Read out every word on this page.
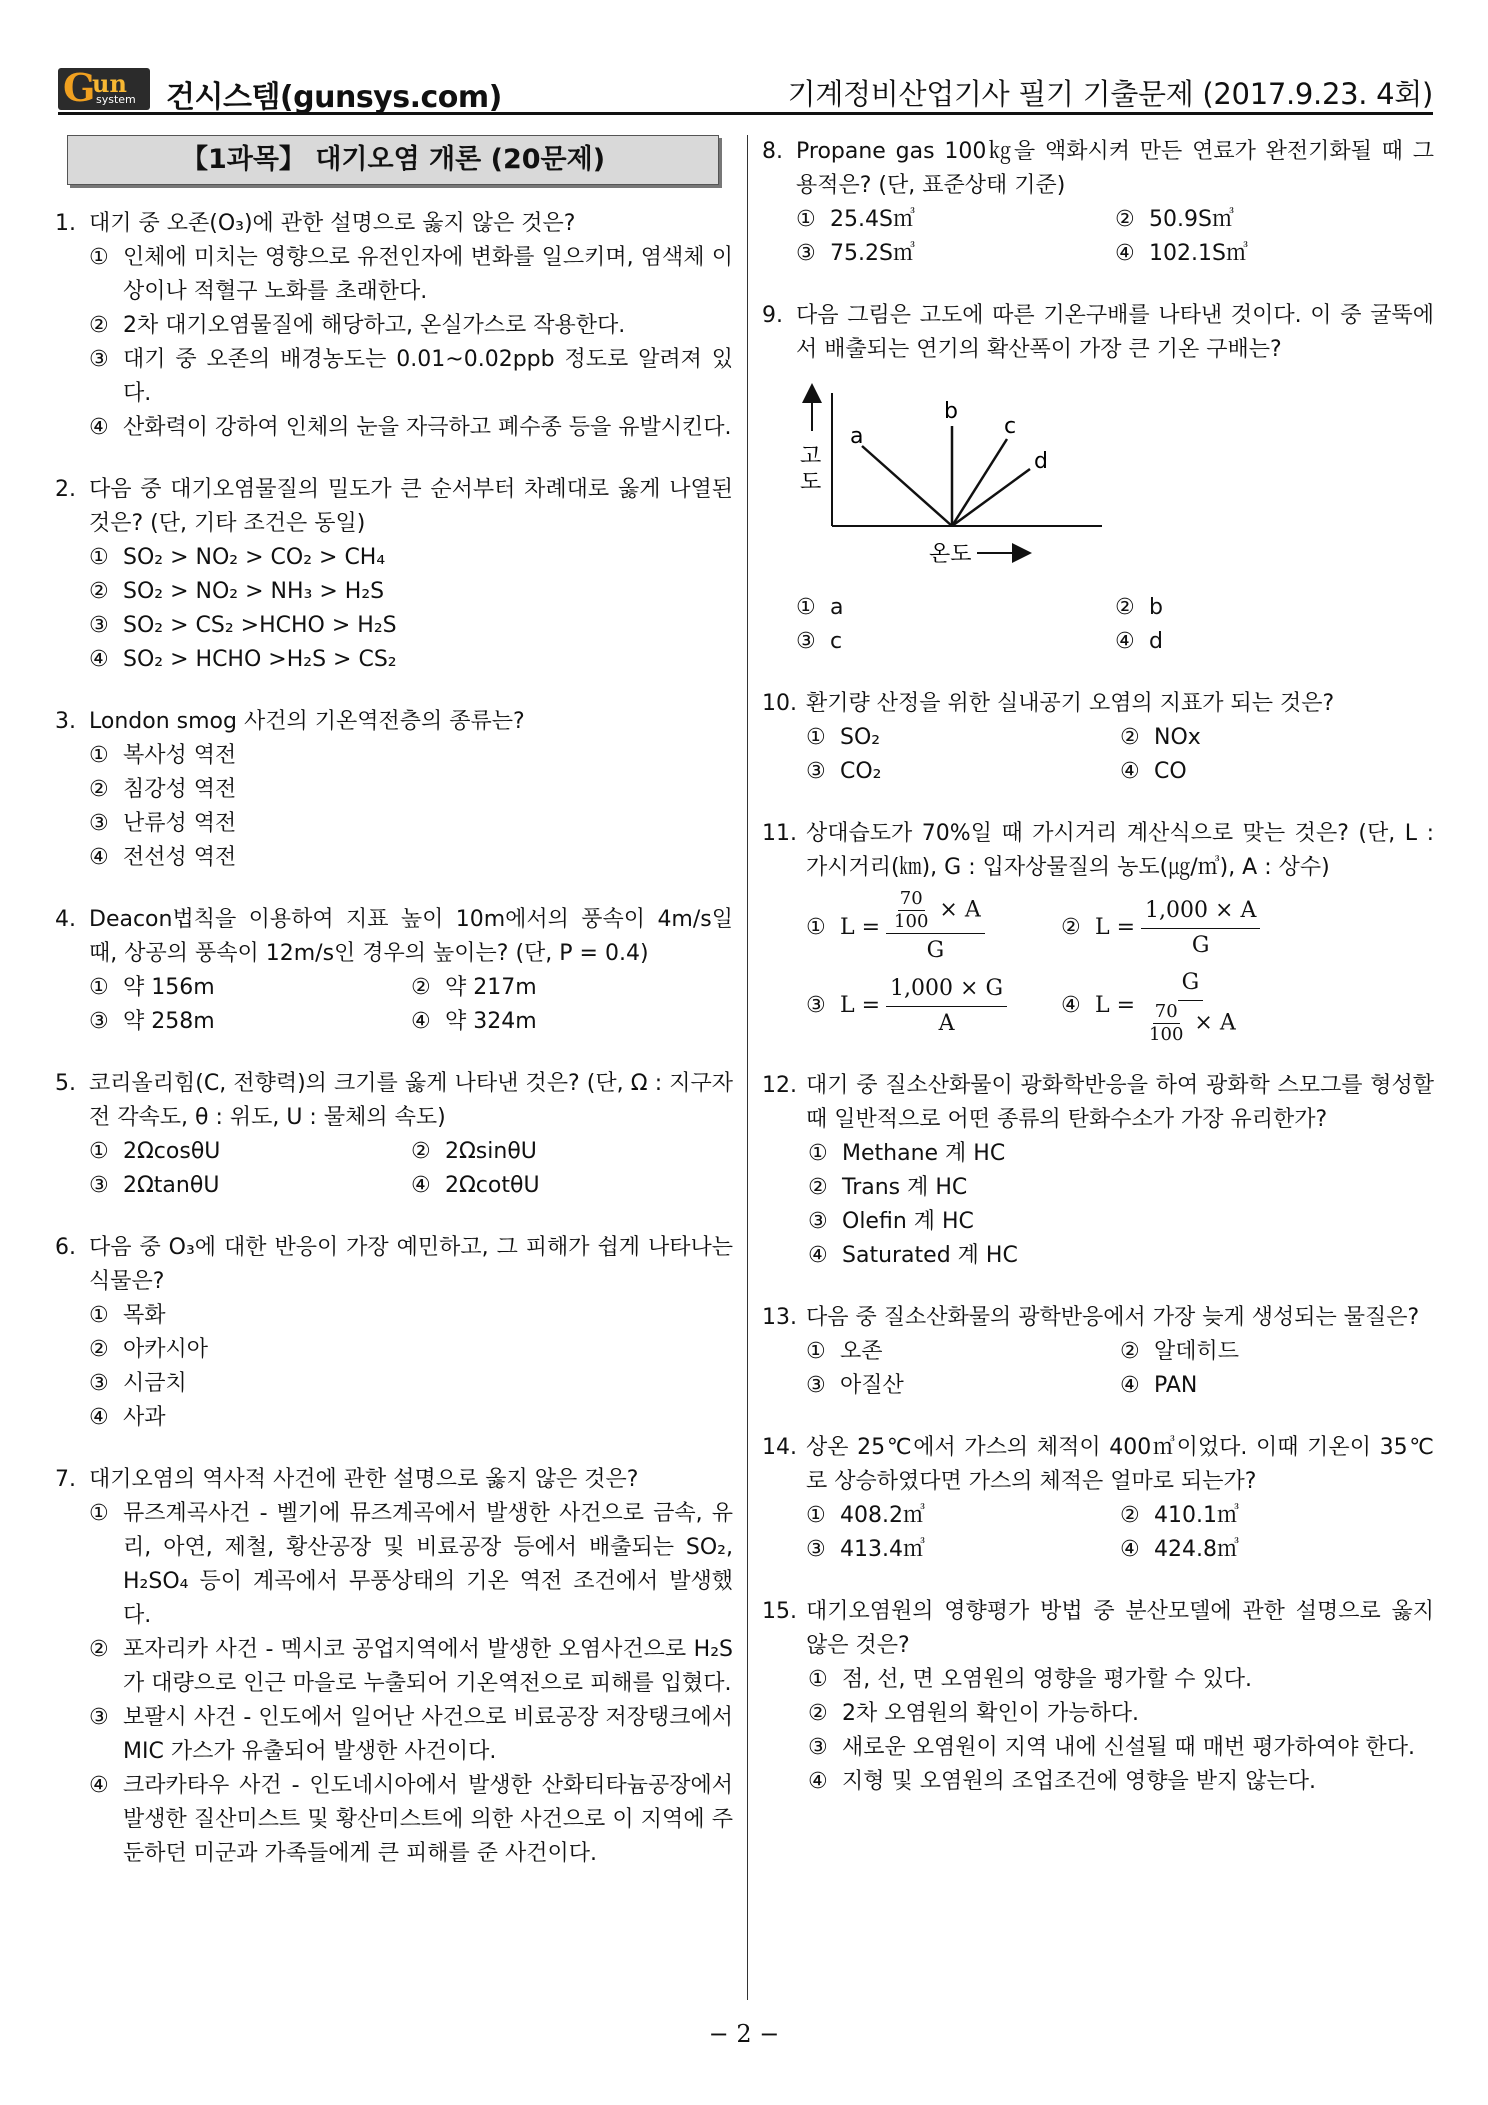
G
un
system 건시스템(gunsys.com)	기계정비산업기사 필기 기출문제 (2017.9.23. 4회)
【1과목】 대기오염 개론 (20문제)
1. 대기 중 오존(O₃)에 관한 설명으로 옳지 않은 것은?
① 인체에 미치는 영향으로 유전인자에 변화를 일으키며, 염색체 이상이나 적혈구 노화를 초래한다.
② 2차 대기오염물질에 해당하고, 온실가스로 작용한다.
③ 대기 중 오존의 배경농도는 0.01~0.02ppb 정도로 알려져 있다.
④ 산화력이 강하여 인체의 눈을 자극하고 폐수종 등을 유발시킨다.
2. 다음 중 대기오염물질의 밀도가 큰 순서부터 차례대로 옳게 나열된 것은? (단, 기타 조건은 동일)
① SO₂ > NO₂ > CO₂ > CH₄
② SO₂ > NO₂ > NH₃ > H₂S
③ SO₂ > CS₂ >HCHO > H₂S
④ SO₂ > HCHO >H₂S > CS₂
3. London smog 사건의 기온역전층의 종류는?
① 복사성 역전
② 침강성 역전
③ 난류성 역전
④ 전선성 역전
4. Deacon법칙을 이용하여 지표 높이 10m에서의 풍속이 4m/s일 때, 상공의 풍속이 12m/s인 경우의 높이는? (단, P = 0.4)
① 약 156m	② 약 217m
③ 약 258m	④ 약 324m
5. 코리올리힘(C, 전향력)의 크기를 옳게 나타낸 것은? (단, Ω : 지구자전 각속도, θ : 위도, U : 물체의 속도)
① 2ΩcosθU	② 2ΩsinθU
③ 2ΩtanθU	④ 2ΩcotθU
6. 다음 중 O₃에 대한 반응이 가장 예민하고, 그 피해가 쉽게 나타나는 식물은?
① 목화
② 아카시아
③ 시금치
④ 사과
7. 대기오염의 역사적 사건에 관한 설명으로 옳지 않은 것은?
① 뮤즈계곡사건 - 벨기에 뮤즈계곡에서 발생한 사건으로 금속, 유리, 아연, 제철, 황산공장 및 비료공장 등에서 배출되는 SO₂, H₂SO₄ 등이 계곡에서 무풍상태의 기온 역전 조건에서 발생했다.
② 포자리카 사건 - 멕시코 공업지역에서 발생한 오염사건으로 H₂S가 대량으로 인근 마을로 누출되어 기온역전으로 피해를 입혔다.
③ 보팔시 사건 - 인도에서 일어난 사건으로 비료공장 저장탱크에서 MIC 가스가 유출되어 발생한 사건이다.
④ 크라카타우 사건 - 인도네시아에서 발생한 산화티타늄공장에서 발생한 질산미스트 및 황산미스트에 의한 사건으로 이 지역에 주둔하던 미군과 가족들에게 큰 피해를 준 사건이다.
8. Propane gas 100㎏을 액화시켜 만든 연료가 완전기화될 때 그 용적은? (단, 표준상태 기준)
① 25.4S㎥	② 50.9S㎥
③ 75.2S㎥	④ 102.1S㎥
9. 다음 그림은 고도에 따른 기온구배를 나타낸 것이다. 이 중 굴뚝에서 배출되는 연기의 확산폭이 가장 큰 기온 구배는?
a
b
c
d
고
도
온도
① a	② b
③ c	④ d
10. 환기량 산정을 위한 실내공기 오염의 지표가 되는 것은?
① SO₂	② NOx
③ CO₂	④ CO
11. 상대습도가 70%일 때 가시거리 계산식으로 맞는 것은? (단, L : 가시거리(㎞), G : 입자상물질의 농도(㎍/㎥), A : 상수)
① $L = \frac{\frac{70}{100} \times A}{G}$	② $L = \frac{1,000 \times A}{G}$
③ $L = \frac{1,000 \times G}{A}$ ④ $L = \frac{G}{\frac{70}{100} \times A}$
12. 대기 중 질소산화물이 광화학반응을 하여 광화학 스모그를 형성할 때 일반적으로 어떤 종류의 탄화수소가 가장 유리한가?
① Methane 계 HC
② Trans 계 HC
③ Olefin 계 HC
④ Saturated 계 HC
13. 다음 중 질소산화물의 광학반응에서 가장 늦게 생성되는 물질은?
① 오존	② 알데히드
③ 아질산	④ PAN
14. 상온 25℃에서 가스의 체적이 400㎥이었다. 이때 기온이 35℃로 상승하였다면 가스의 체적은 얼마로 되는가?
① 408.2㎥	② 410.1㎥
③ 413.4㎥	④ 424.8㎥
15. 대기오염원의 영향평가 방법 중 분산모델에 관한 설명으로 옳지 않은 것은?
① 점, 선, 면 오염원의 영향을 평가할 수 있다.
② 2차 오염원의 확인이 가능하다.
③ 새로운 오염원이 지역 내에 신설될 때 매번 평가하여야 한다.
④ 지형 및 오염원의 조업조건에 영향을 받지 않는다.
− 2 −
